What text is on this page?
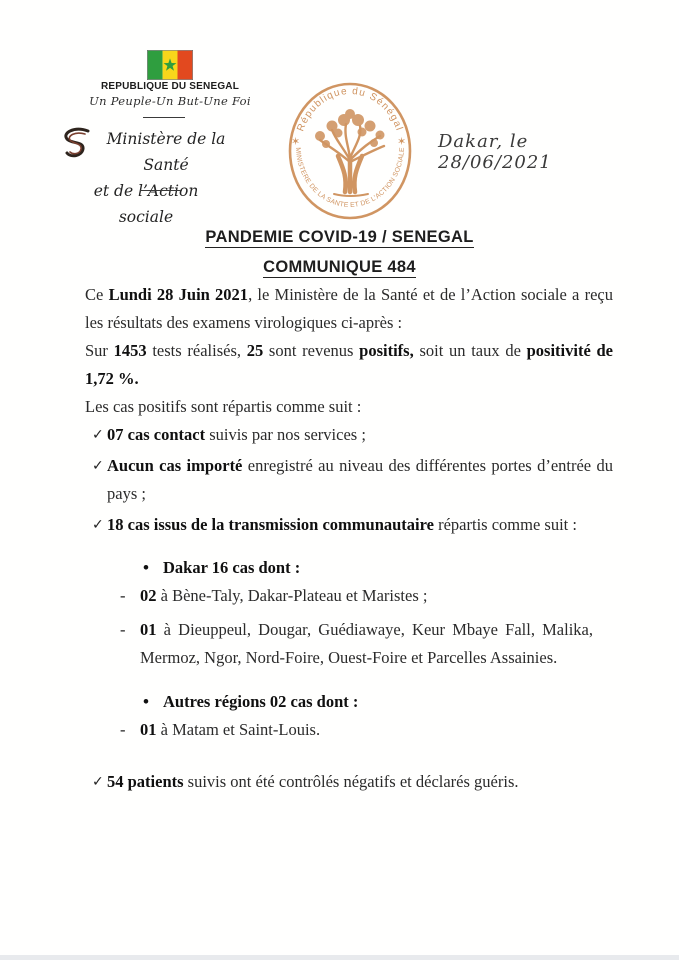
REPUBLIQUE DU SENEGAL
Un Peuple-Un But-Une Foi
Ministère de la Santé
et de l’Action sociale
République du Sénégal
MINISTERE DE LA SANTE ET DE L'ACTION SOCIALE
✶	✶ Dakar, le 28/06/2021
PANDEMIE COVID-19 / SENEGAL
COMMUNIQUE 484

Ce Lundi 28 Juin 2021, le Ministère de la Santé et de l’Action sociale a reçu les résultats des examens virologiques ci-après :

Sur 1453 tests réalisés, 25 sont revenus positifs, soit un taux de positivité de 1,72 %.

Les cas positifs sont répartis comme suit :

✓ 07 cas contact suivis par nos services ;
✓ Aucun cas importé enregistré au niveau des différentes portes d’entrée du pays ;
✓ 18 cas issus de la transmission communautaire répartis comme suit :
• Dakar 16 cas dont :
- 02 à Bène-Taly, Dakar-Plateau et Maristes ;
- 01 à Dieuppeul, Dougar, Guédiawaye, Keur Mbaye Fall, Malika, Mermoz, Ngor, Nord-Foire, Ouest-Foire et Parcelles Assainies.
• Autres régions 02 cas dont :
- 01 à Matam et Saint-Louis.
✓ 54 patients suivis ont été contrôlés négatifs et déclarés guéris.
